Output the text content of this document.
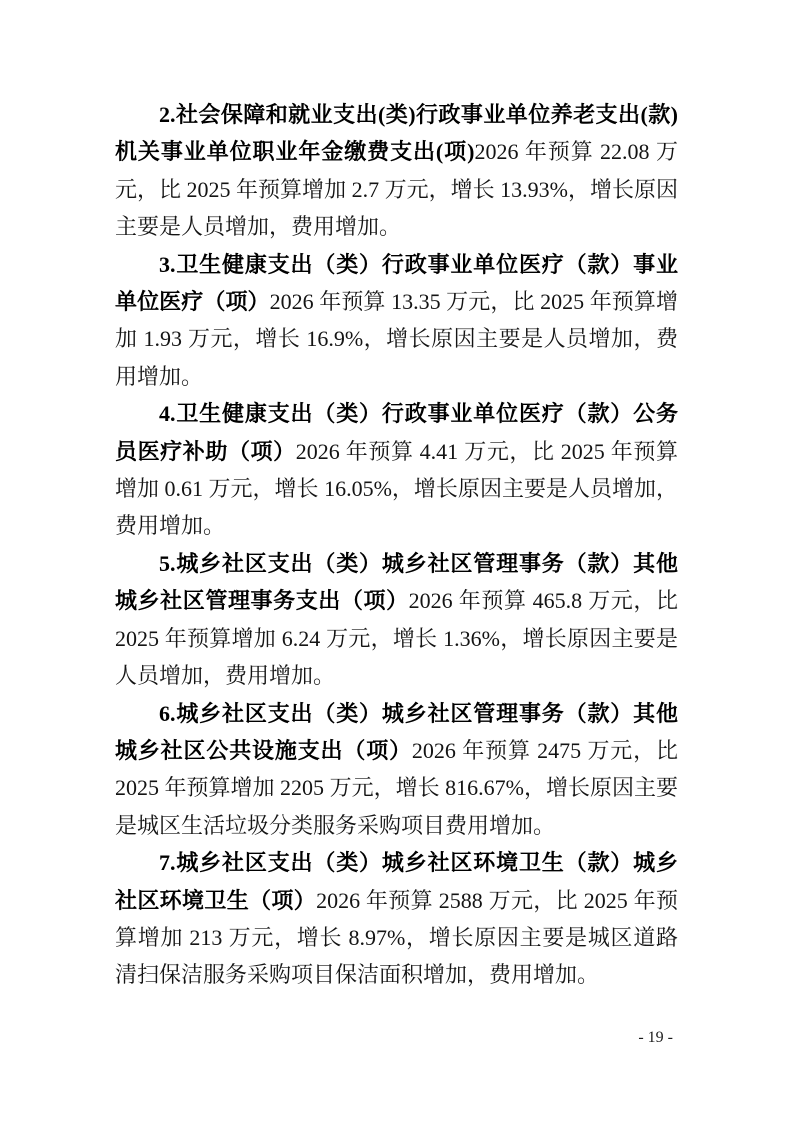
2.社会保障和就业支出(类)行政事业单位养老支出(款)机关事业单位职业年金缴费支出(项)2026 年预算 22.08 万元，比 2025 年预算增加 2.7 万元，增长 13.93%，增长原因主要是人员增加，费用增加。

3.卫生健康支出（类）行政事业单位医疗（款）事业单位医疗（项）2026 年预算 13.35 万元，比 2025 年预算增加 1.93 万元，增长 16.9%，增长原因主要是人员增加，费用增加。

4.卫生健康支出（类）行政事业单位医疗（款）公务员医疗补助（项）2026 年预算 4.41 万元，比 2025 年预算增加 0.61 万元，增长 16.05%，增长原因主要是人员增加，费用增加。

5.城乡社区支出（类）城乡社区管理事务（款）其他城乡社区管理事务支出（项）2026 年预算 465.8 万元，比 2025 年预算增加 6.24 万元，增长 1.36%，增长原因主要是人员增加，费用增加。

6.城乡社区支出（类）城乡社区管理事务（款）其他城乡社区公共设施支出（项）2026 年预算 2475 万元，比 2025 年预算增加 2205 万元，增长 816.67%，增长原因主要是城区生活垃圾分类服务采购项目费用增加。

7.城乡社区支出（类）城乡社区环境卫生（款）城乡社区环境卫生（项）2026 年预算 2588 万元，比 2025 年预算增加 213 万元，增长 8.97%，增长原因主要是城区道路清扫保洁服务采购项目保洁面积增加，费用增加。

- 19 -
